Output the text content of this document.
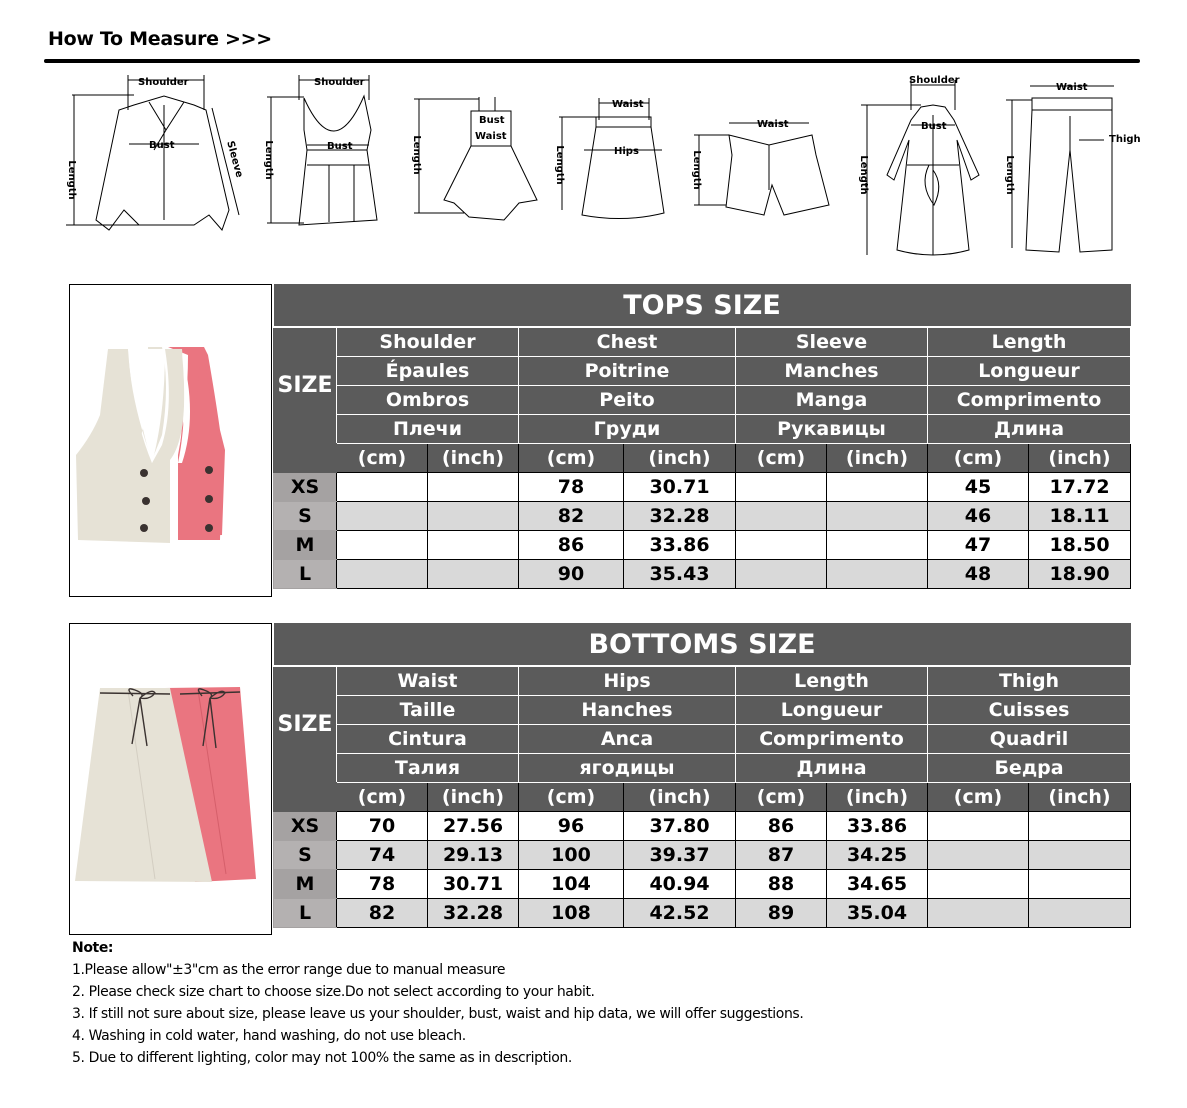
How To Measure >>>
Shoulder
Bust
Length
Sleeve
Shoulder
Bust
Length
Bust
Waist
Length
Waist
Hips
Length
Waist
Length
Shoulder
Bust
Length
Waist
Thigh
Length
TOPS SIZE								
SIZE	Shoulder		Chest		Sleeve		Length	
	Épaules		Poitrine		Manches		Longueur	
	Ombros		Peito		Manga		Comprimento	
	Плечи		Груди		Рукавицы		Длина	
	(cm)	(inch)	(cm)	(inch)	(cm)	(inch)	(cm)	(inch)
XS			78	30.71			45	17.72
S			82	32.28			46	18.11
M			86	33.86			47	18.50
L			90	35.43			48	18.90
BOTTOMS SIZE								
SIZE	Waist		Hips		Length		Thigh	
	Taille		Hanches		Longueur		Cuisses	
	Cintura		Anca		Comprimento		Quadril	
	Талия		ягодицы		Длина		Бедра	
	(cm)	(inch)	(cm)	(inch)	(cm)	(inch)	(cm)	(inch)
XS	70	27.56	96	37.80	86	33.86		
S	74	29.13	100	39.37	87	34.25		
M	78	30.71	104	40.94	88	34.65		
L	82	32.28	108	42.52	89	35.04		
Note:
1.Please allow"±3"cm as the error range due to manual measure
2. Please check size chart to choose size.Do not select according to your habit.
3. If still not sure about size, please leave us your shoulder, bust, waist and hip data, we will offer suggestions.
4. Washing in cold water, hand washing, do not use bleach.
5. Due to different lighting, color may not 100% the same as in description.
